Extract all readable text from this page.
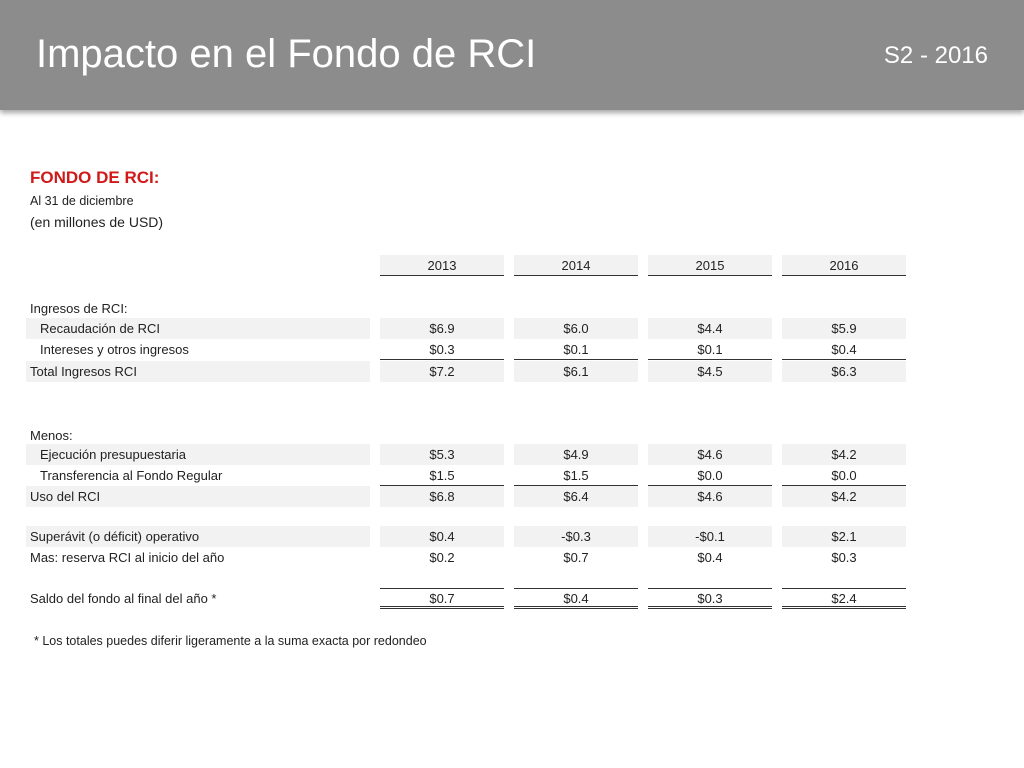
Impacto en el Fondo de RCI	S2 - 2016
FONDO DE RCI:
Al 31 de diciembre
(en millones de USD)
2013	2014	2015	2016
Ingresos de RCI:
Recaudación de RCI	$6.9	$6.0	$4.4	$5.9
Intereses y otros ingresos	$0.3	$0.1	$0.1	$0.4
Total Ingresos RCI	$7.2	$6.1	$4.5	$6.3
Menos:
Ejecución presupuestaria	$5.3	$4.9	$4.6	$4.2
Transferencia al Fondo Regular	$1.5	$1.5	$0.0	$0.0
Uso del RCI	$6.8	$6.4	$4.6	$4.2
Superávit (o déficit) operativo	$0.4	-$0.3	-$0.1	$2.1
Mas: reserva RCI al inicio del año	$0.2	$0.7	$0.4	$0.3
Saldo del fondo al final del año *	$0.7	$0.4	$0.3	$2.4
* Los totales puedes diferir ligeramente a la suma exacta por redondeo
